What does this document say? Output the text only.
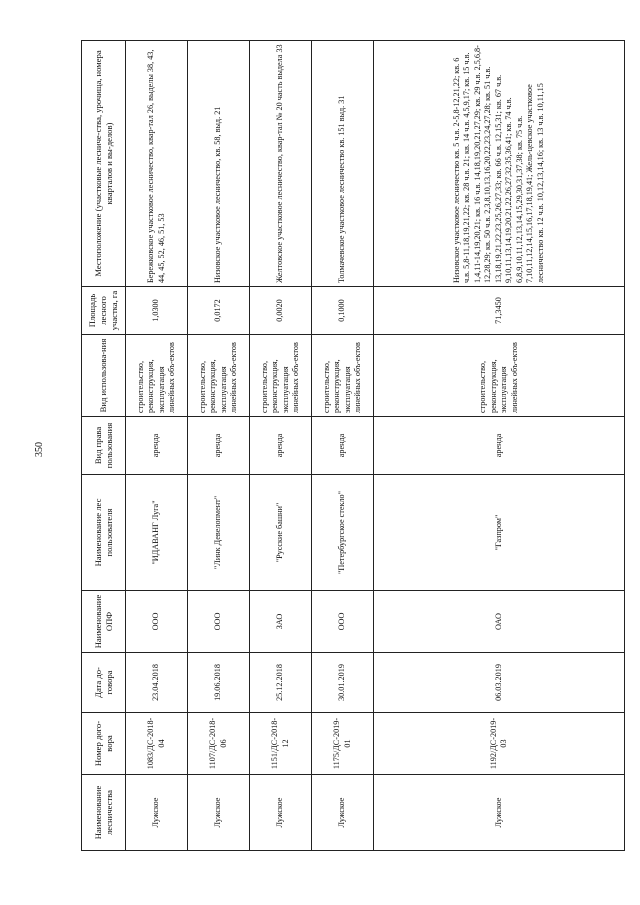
350
Наименование лесничества	Номер дого-вора	Дата до-говора	Наименование ОПФ	Наименование лес пользователя	Вид права пользования	Вид использова-ния	Площадь лесного участка, га	Местоположение (участковые лесниче-ства, урочища, номера кварталов и вы-делов)
Лужское	1083/ДС-2018-04	23.04.2018	ООО	"ИДАВАНГ Луга"	аренда	строительство, реконструкция, эксплуатация линейных объ-ектов	1,0300	Бережковское участковое лесничество, квар-тал 26, выделы 38, 43, 44, 45, 52, 46, 51, 53
Лужское	1107/ДС-2018-06	19.06.2018	ООО	"Линк Девелопмент"	аренда	строительство, реконструкция, эксплуатация линейных объ-ектов	0,0172	Низовское участковое лесничество, кв. 58, выд. 21
Лужское	1151/ДС-2018-12	25.12.2018	ЗАО	"Русские башни"	аренда	строительство, реконструкция, эксплуатация линейных объ-ектов	0,0020	Желтовское участковое лесничество, квар-тал № 20 часть выдела 33
Лужское	1175/ДС-2019-01	30.01.2019	ООО	"Петербургское стекло"	аренда	строительство, реконструкция, эксплуатация линейных объ-ектов	0,1000	Толмачевское участковое лесничество кв. 151 выд. 31
Лужское	1192/ДС-2019-03	06.03.2019	ОАО	"Газпром"	аренда	строительство, реконструкция, эксплуатация линейных объ-ектов	71,3450	Низовское участковое лесничество кв. 5 ч.в. 2-5,8-12,21,22; кв. 6 ч.в. 5,8-11,18,19,21,22; кв. 28 ч.в. 21; кв. 14 ч.в. 4,5,9,17; кв. 15 ч.в. 1,4,11-14,19,20,21; кв. 16 ч.в. 14,18,19,20,21,27,29; кв. 29 ч.в. 2,5,6,8-12,28,29; кв. 50 ч.в. 2,3,8,10,13,16,20,22,23,24,27,28; кв. 51 ч.в. 13,18,19,21,22,23,25,26,27,33; кв. 66 ч.в. 12,15,31; кв. 67 ч.в. 9,10,11,13,14,19,20,21,22,26,27,32,35,36,41; кв. 74 ч.в. 6,8,9,10,11,12,13,14,15,29,30,31,37,38; кв. 75 ч.в. 7,10,11,12,14,15,16,17,18,19,41; Жель-цевское участковое лесничество кв. 12 ч.в. 10,12,13,14,16; кв. 13 ч.в. 10,11,15
